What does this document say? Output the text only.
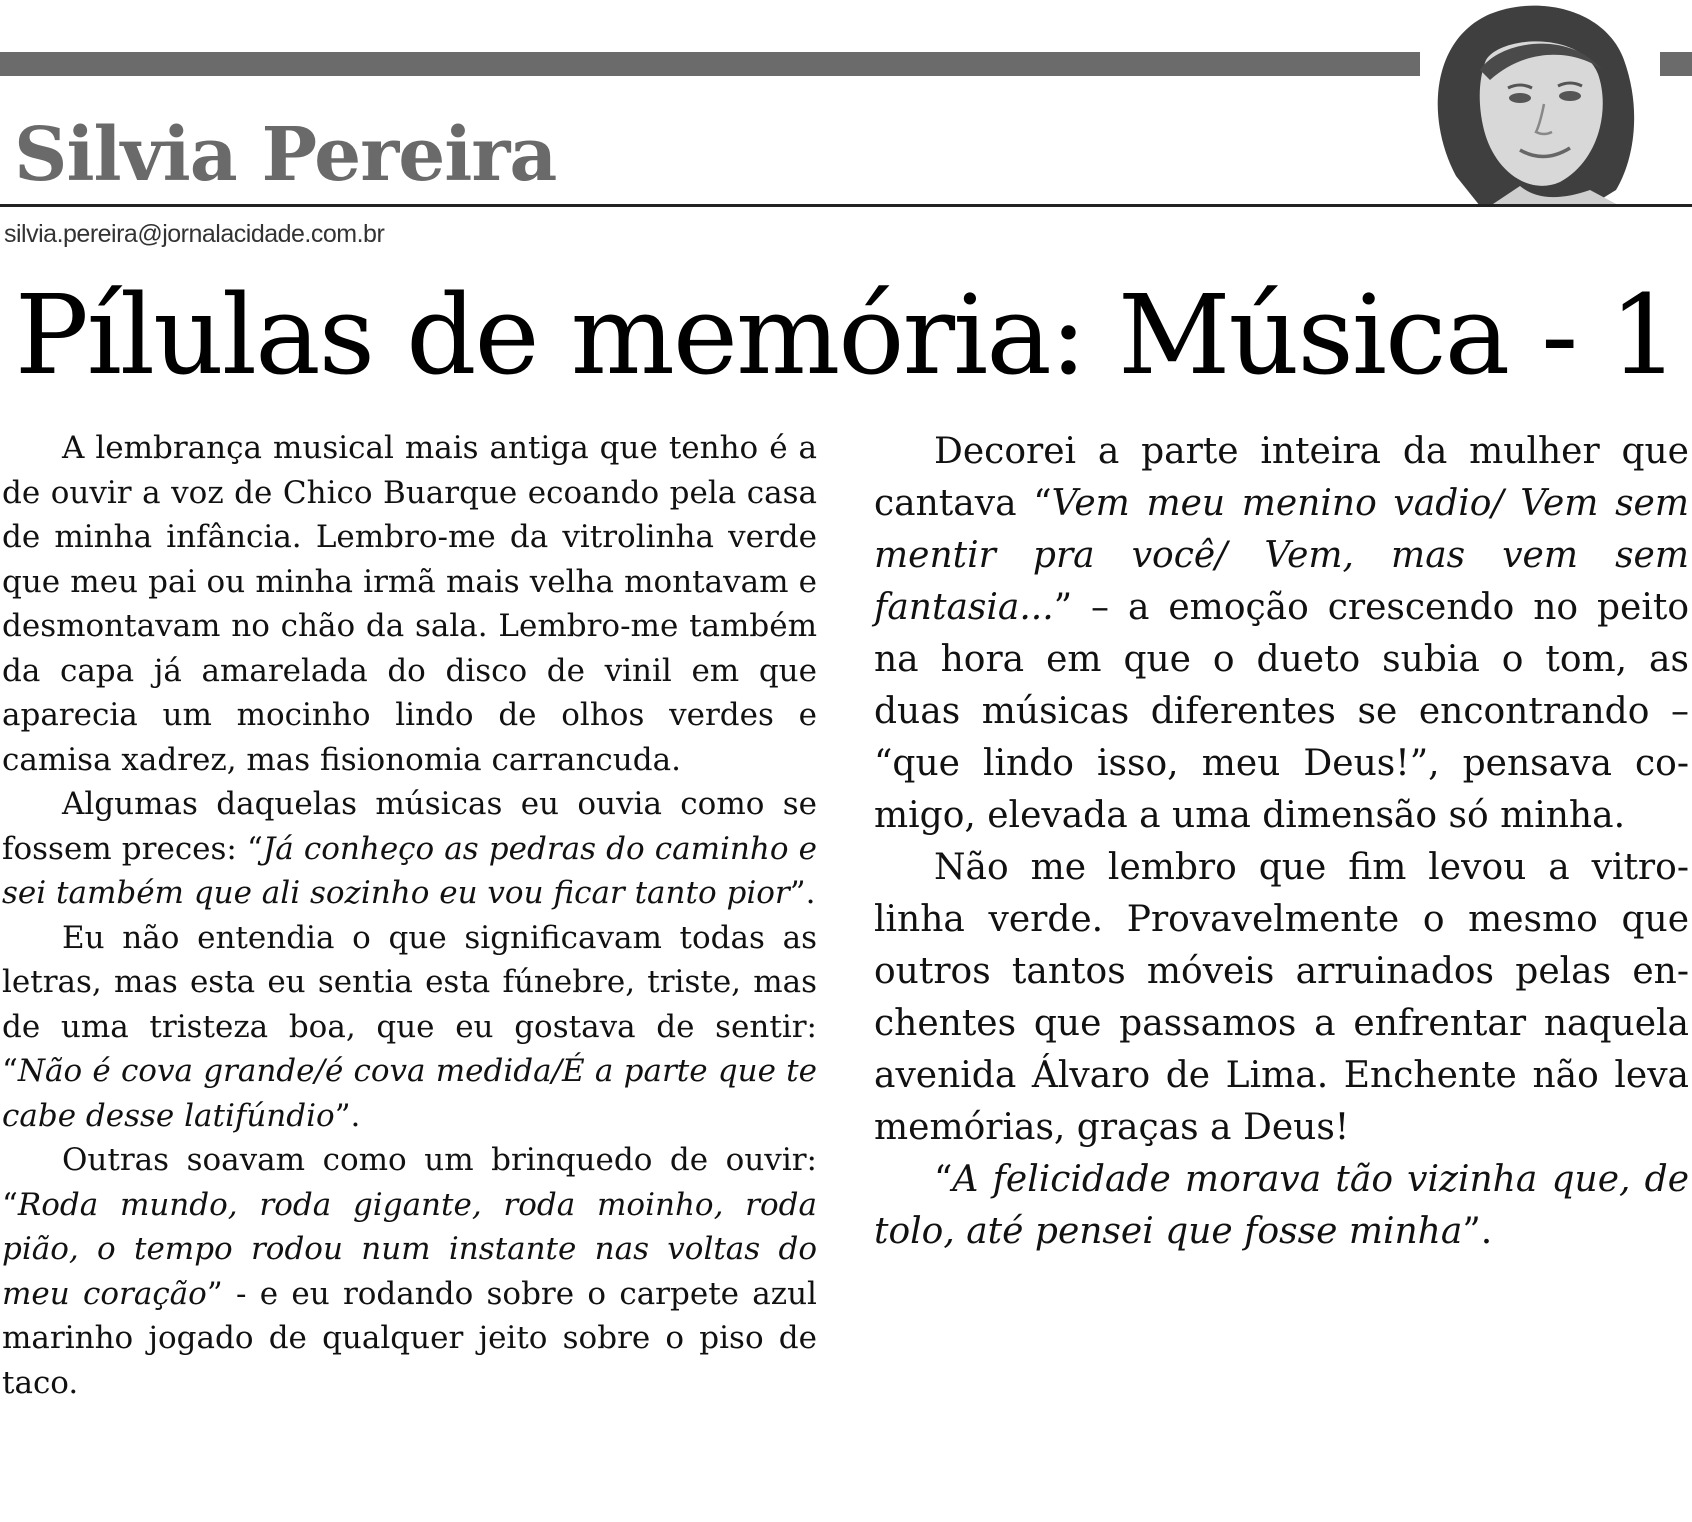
Silvia Pereira
silvia.pereira@jornalacidade.com.br
Pílulas de memória: Música - 1

A lembrança musical mais antiga que tenho é a de ouvir a voz de Chico Buarque ecoando pela casa de minha infância. Lembro-me da vitrolinha verde que meu pai ou minha irmã mais velha montavam e desmontavam no chão da sala. Lembro-me também da capa já amarelada do disco de vinil em que aparecia um mocinho lindo de olhos verdes e camisa xadrez, mas fisionomia carrancuda.

Algumas daquelas músicas eu ouvia como se fossem preces: “Já conheço as pedras do caminho e sei também que ali sozinho eu vou ficar tanto pior”.

Eu não entendia o que significavam todas as letras, mas esta eu sentia esta fúnebre, triste, mas de uma tristeza boa, que eu gostava de sentir: “Não é cova grande/é cova medida/É a parte que te cabe desse latifúndio”.

Outras soavam como um brinquedo de ouvir: “Roda mundo, roda gigante, roda moinho, roda pião, o tempo rodou num instante nas voltas do meu coração” - e eu rodando sobre o carpete azul marinho jogado de qualquer jeito sobre o piso de taco.

Decorei a parte inteira da mulher que cantava “Vem meu menino vadio/ Vem sem mentir pra você/ Vem, mas vem sem fantasia...” – a emoção crescendo no peito na hora em que o dueto subia o tom, as duas músicas diferentes se encontrando – “que lindo isso, meu Deus!”, pensava comigo, elevada a uma dimensão só minha.

Não me lembro que fim levou a vitrolinha verde. Provavelmente o mesmo que outros tantos móveis arruinados pelas enchentes que passamos a enfrentar naquela avenida Álvaro de Lima. Enchente não leva memórias, graças a Deus!

“A felicidade morava tão vizinha que, de tolo, até pensei que fosse minha”.
